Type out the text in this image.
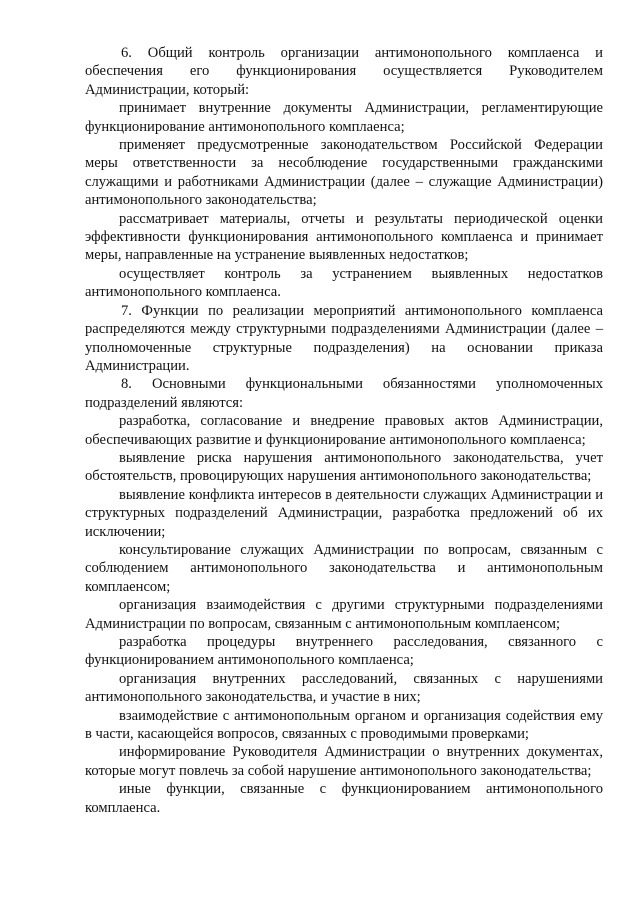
6. Общий контроль организации антимонопольного комплаенса и обеспечения его функционирования осуществляется Руководителем Администрации, который:

принимает внутренние документы Администрации, регламентирующие функционирование антимонопольного комплаенса;

применяет предусмотренные законодательством Российской Федерации меры ответственности за несоблюдение государственными гражданскими служащими и работниками Администрации (далее – служащие Администрации) антимонопольного законодательства;

рассматривает материалы, отчеты и результаты периодической оценки эффективности функционирования антимонопольного комплаенса и принимает меры, направленные на устранение выявленных недостатков;

осуществляет контроль за устранением выявленных недостатков антимонопольного комплаенса.

7. Функции по реализации мероприятий антимонопольного комплаенса распределяются между структурными подразделениями Администрации (далее – уполномоченные структурные подразделения) на основании приказа Администрации.

8. Основными функциональными обязанностями уполномоченных подразделений являются:

разработка, согласование и внедрение правовых актов Администрации, обеспечивающих развитие и функционирование антимонопольного комплаенса;

выявление риска нарушения антимонопольного законодательства, учет обстоятельств, провоцирующих нарушения антимонопольного законодательства;

выявление конфликта интересов в деятельности служащих Администрации и структурных подразделений Администрации, разработка предложений об их исключении;

консультирование служащих Администрации по вопросам, связанным с соблюдением антимонопольного законодательства и антимонопольным комплаенсом;

организация взаимодействия с другими структурными подразделениями Администрации по вопросам, связанным с антимонопольным комплаенсом;

разработка процедуры внутреннего расследования, связанного с функционированием антимонопольного комплаенса;

организация внутренних расследований, связанных с нарушениями антимонопольного законодательства, и участие в них;

взаимодействие с антимонопольным органом и организация содействия ему в части, касающейся вопросов, связанных с проводимыми проверками;

информирование Руководителя Администрации о внутренних документах, которые могут повлечь за собой нарушение антимонопольного законодательства;

иные функции, связанные с функционированием антимонопольного комплаенса.
